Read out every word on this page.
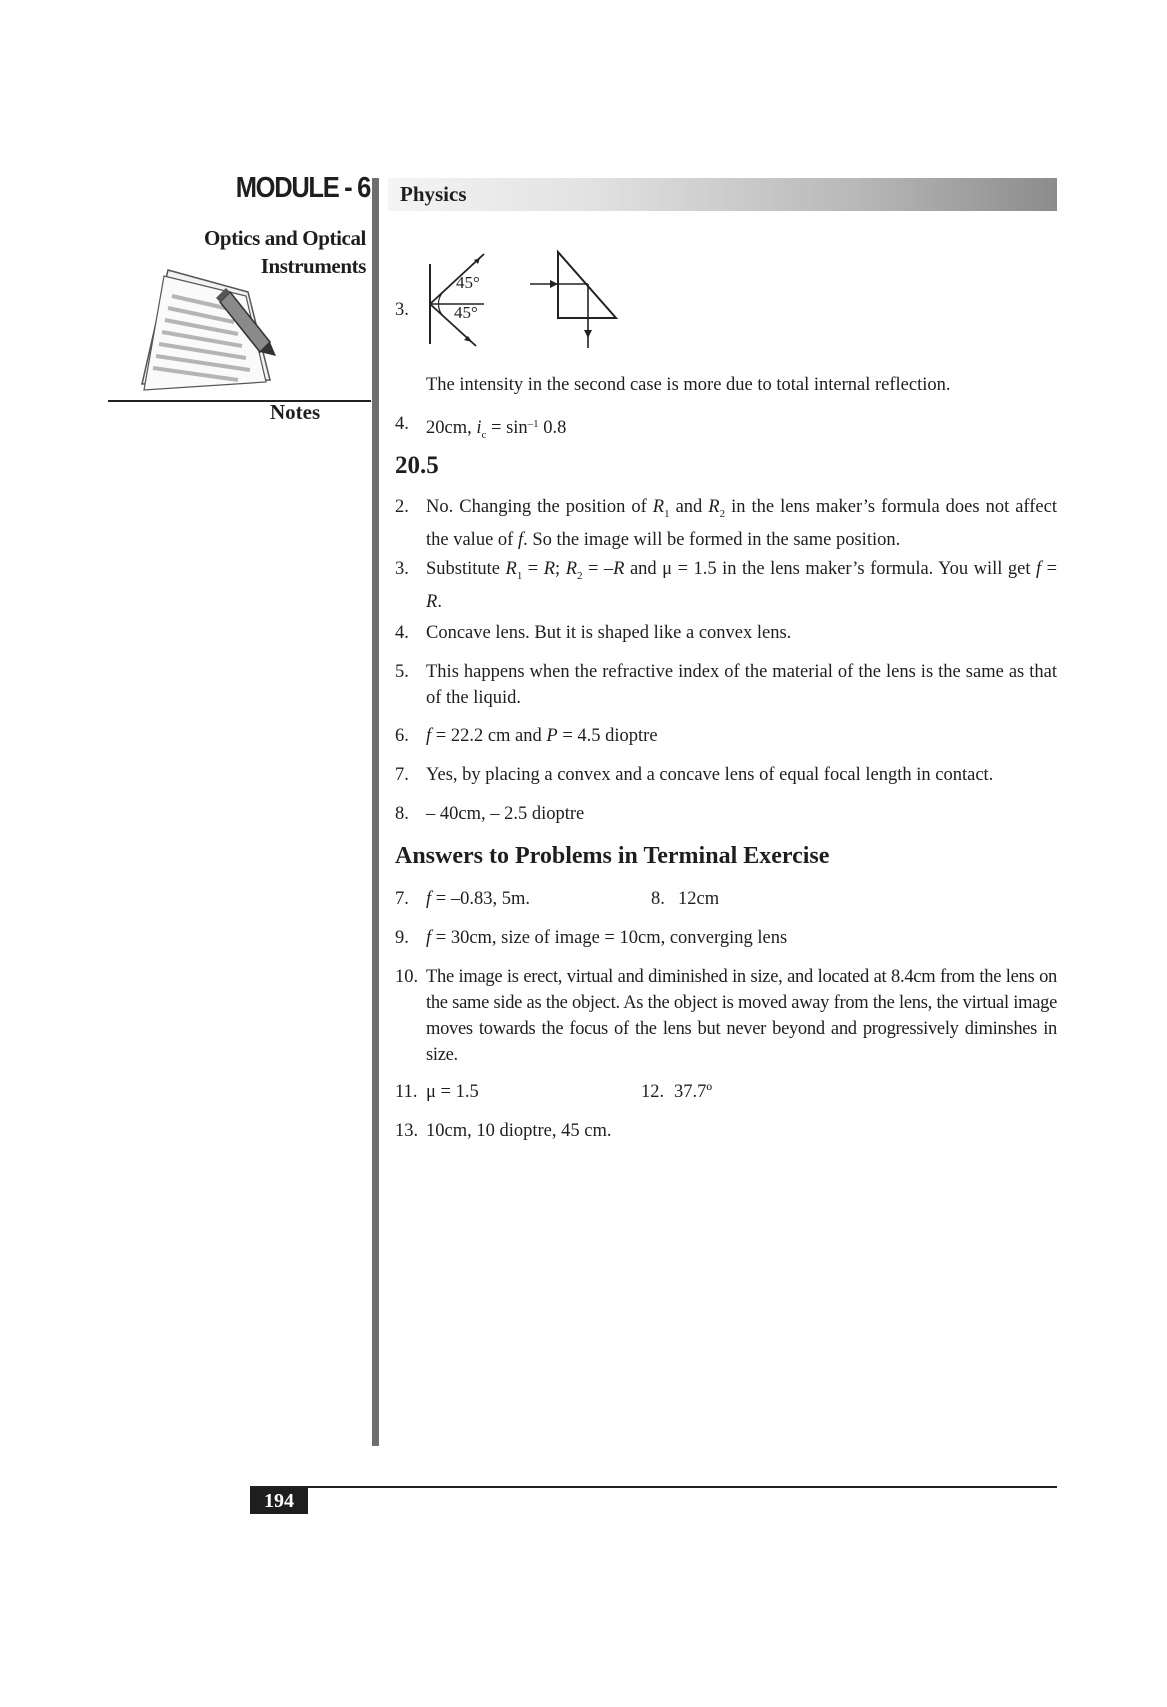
MODULE - 6
Optics and Optical
Instruments
Notes
Physics
3.
45°
45°
The intensity in the second case is more due to total internal reflection.
4. 20cm, $i_c = \sin^{-1} 0.8$
20.5
2. No. Changing the position of $R_1$ and $R_2$ in the lens maker’s formula does not affect the value of f. So the image will be formed in the same position.
3. Substitute $R_1 = R$; $R_2 = -R$ and μ = 1.5 in the lens maker’s formula. You will get f = R.
4. Concave lens. But it is shaped like a convex lens.
5. This happens when the refractive index of the material of the lens is the same as that of the liquid.
6. f = 22.2 cm and P = 4.5 dioptre
7. Yes, by placing a convex and a concave lens of equal focal length in contact.
8. – 40cm, – 2.5 dioptre
Answers to Problems in Terminal Exercise
7. f = –0.83, 5m.	8. 12cm
9. f = 30cm, size of image = 10cm, converging lens
10. The image is erect, virtual and diminished in size, and located at 8.4cm from the lens on the same side as the object. As the object is moved away from the lens, the virtual image moves towards the focus of the lens but never beyond and progressively diminshes in size.
11. μ = 1.5	12. 37.7º
13. 10cm, 10 dioptre, 45 cm.
194
